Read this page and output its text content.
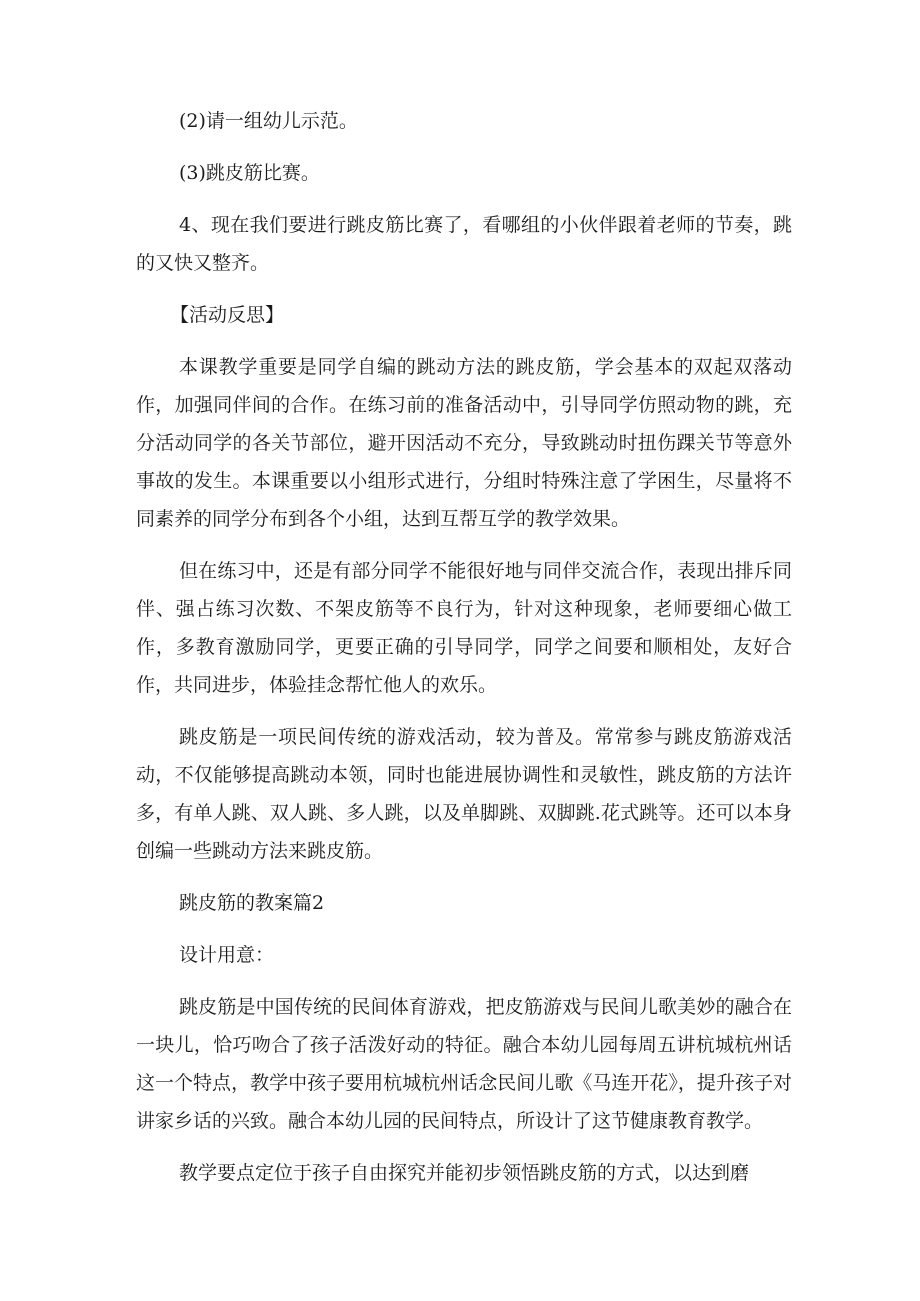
(2)请一组幼儿示范。

(3)跳皮筋比赛。

4、现在我们要进行跳皮筋比赛了，看哪组的小伙伴跟着老师的节奏，跳的又快又整齐。

【活动反思】

本课教学重要是同学自编的跳动方法的跳皮筋，学会基本的双起双落动作，加强同伴间的合作。在练习前的准备活动中，引导同学仿照动物的跳，充分活动同学的各关节部位，避开因活动不充分，导致跳动时扭伤踝关节等意外事故的发生。本课重要以小组形式进行，分组时特殊注意了学困生，尽量将不同素养的同学分布到各个小组，达到互帮互学的教学效果。

但在练习中，还是有部分同学不能很好地与同伴交流合作，表现出排斥同伴、强占练习次数、不架皮筋等不良行为，针对这种现象，老师要细心做工作，多教育激励同学，更要正确的引导同学，同学之间要和顺相处，友好合作，共同进步，体验挂念帮忙他人的欢乐。

跳皮筋是一项民间传统的游戏活动，较为普及。常常参与跳皮筋游戏活动，不仅能够提高跳动本领，同时也能进展协调性和灵敏性，跳皮筋的方法许多，有单人跳、双人跳、多人跳，以及单脚跳、双脚跳.花式跳等。还可以本身创编一些跳动方法来跳皮筋。

跳皮筋的教案篇2

设计用意：

跳皮筋是中国传统的民间体育游戏，把皮筋游戏与民间儿歌美妙的融合在一块儿，恰巧吻合了孩子活泼好动的特征。融合本幼儿园每周五讲杭城杭州话这一个特点，教学中孩子要用杭城杭州话念民间儿歌《马连开花》，提升孩子对讲家乡话的兴致。融合本幼儿园的民间特点，所设计了这节健康教育教学。

教学要点定位于孩子自由探究并能初步领悟跳皮筋的方式，以达到磨
